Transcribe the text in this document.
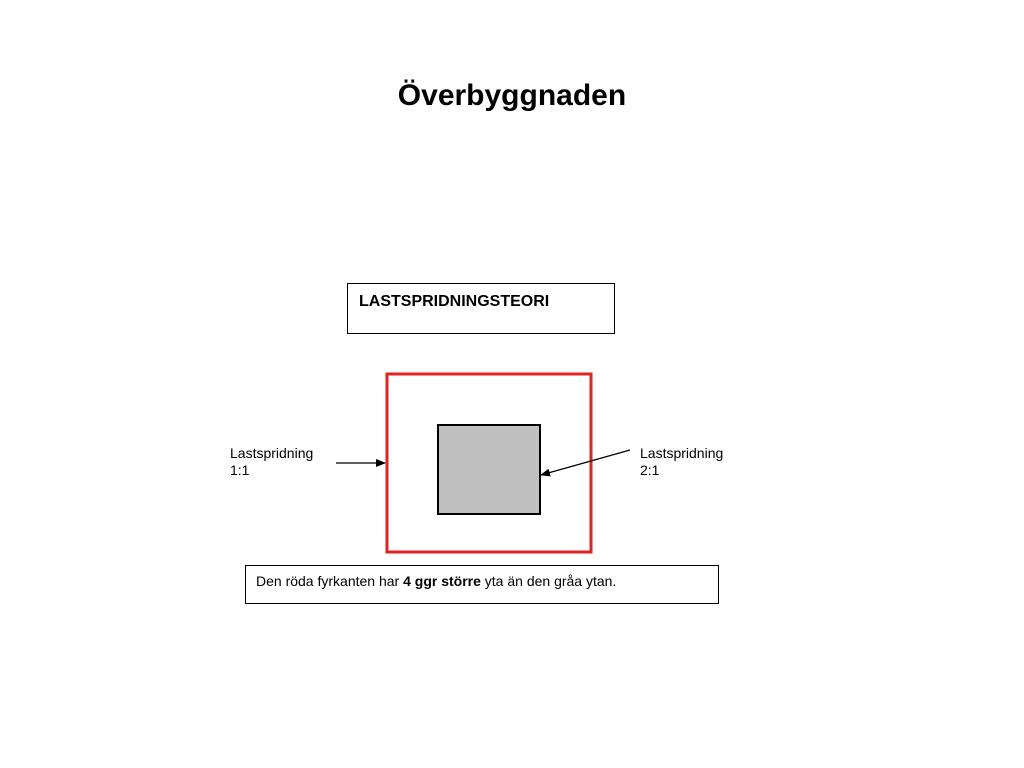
Överbyggnaden
LASTSPRIDNINGSTEORI
Lastspridning
1:1
Lastspridning
2:1

Den röda fyrkanten har 4 ggr större yta än den gråa ytan.
